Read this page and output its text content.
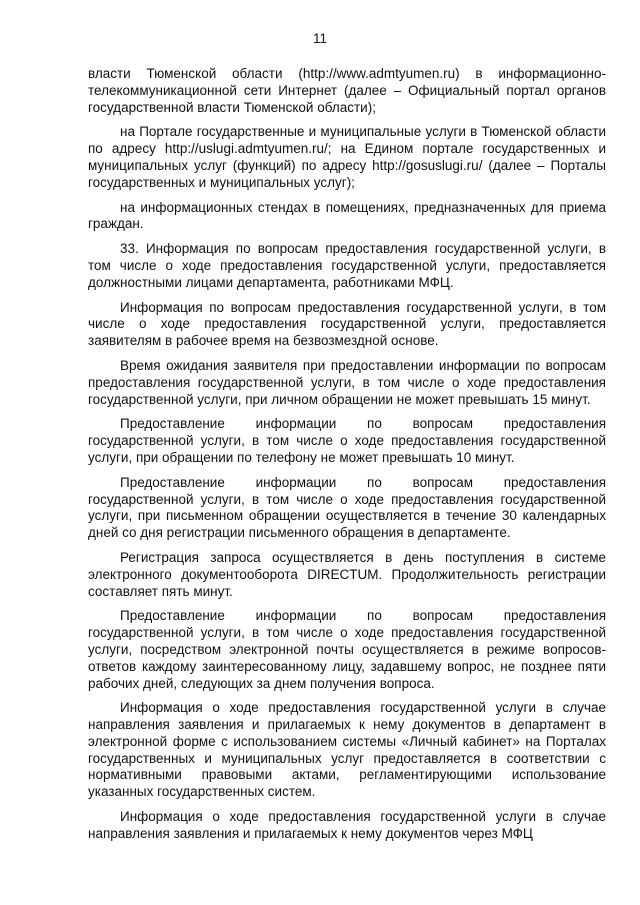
11

власти Тюменской области (http://www.admtyumen.ru) в информационно-телекоммуникационной сети Интернет (далее – Официальный портал органов государственной власти Тюменской области);

на Портале государственные и муниципальные услуги в Тюменской области по адресу http://uslugi.admtyumen.ru/; на Едином портале государственных и муниципальных услуг (функций) по адресу http://gosuslugi.ru/ (далее – Порталы государственных и муниципальных услуг);

на информационных стендах в помещениях, предназначенных для приема граждан.

33. Информация по вопросам предоставления государственной услуги, в том числе о ходе предоставления государственной услуги, предоставляется должностными лицами департамента, работниками МФЦ.

Информация по вопросам предоставления государственной услуги, в том числе о ходе предоставления государственной услуги, предоставляется заявителям в рабочее время на безвозмездной основе.

Время ожидания заявителя при предоставлении информации по вопросам предоставления государственной услуги, в том числе о ходе предоставления государственной услуги, при личном обращении не может превышать 15 минут.

Предоставление информации по вопросам предоставления государственной услуги, в том числе о ходе предоставления государственной услуги, при обращении по телефону не может превышать 10 минут.

Предоставление информации по вопросам предоставления государственной услуги, в том числе о ходе предоставления государственной услуги, при письменном обращении осуществляется в течение 30 календарных дней со дня регистрации письменного обращения в департаменте.

Регистрация запроса осуществляется в день поступления в системе электронного документооборота DIRECTUM. Продолжительность регистрации составляет пять минут.

Предоставление информации по вопросам предоставления государственной услуги, в том числе о ходе предоставления государственной услуги, посредством электронной почты осуществляется в режиме вопросов-ответов каждому заинтересованному лицу, задавшему вопрос, не позднее пяти рабочих дней, следующих за днем получения вопроса.

Информация о ходе предоставления государственной услуги в случае направления заявления и прилагаемых к нему документов в департамент в электронной форме с использованием системы «Личный кабинет» на Порталах государственных и муниципальных услуг предоставляется в соответствии с нормативными правовыми актами, регламентирующими использование указанных государственных систем.

Информация о ходе предоставления государственной услуги в случае направления заявления и прилагаемых к нему документов через МФЦ
